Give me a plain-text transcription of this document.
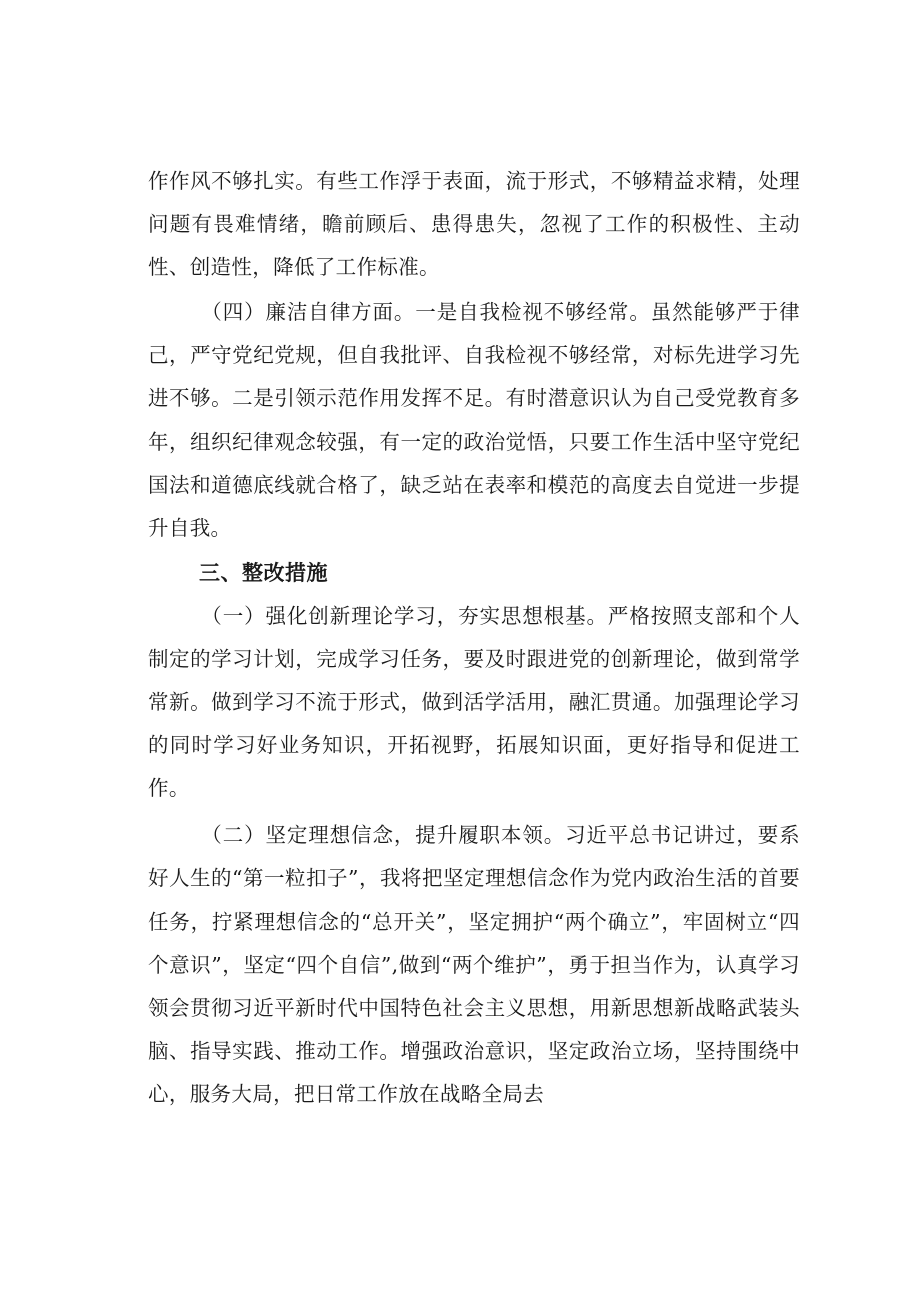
作作风不够扎实。有些工作浮于表面，流于形式，不够精益求精，处理问题有畏难情绪，瞻前顾后、患得患失，忽视了工作的积极性、主动性、创造性，降低了工作标准。

（四）廉洁自律方面。一是自我检视不够经常。虽然能够严于律己，严守党纪党规，但自我批评、自我检视不够经常，对标先进学习先进不够。二是引领示范作用发挥不足。有时潜意识认为自己受党教育多年，组织纪律观念较强，有一定的政治觉悟，只要工作生活中坚守党纪国法和道德底线就合格了，缺乏站在表率和模范的高度去自觉进一步提升自我。

三、整改措施

（一）强化创新理论学习，夯实思想根基。严格按照支部和个人制定的学习计划，完成学习任务，要及时跟进党的创新理论，做到常学常新。做到学习不流于形式，做到活学活用，融汇贯通。加强理论学习的同时学习好业务知识，开拓视野，拓展知识面，更好指导和促进工作。

（二）坚定理想信念，提升履职本领。习近平总书记讲过，要系好人生的“第一粒扣子”，我将把坚定理想信念作为党内政治生活的首要任务，拧紧理想信念的“总开关”，坚定拥护“两个确立”，牢固树立“四个意识”，坚定“四个自信”,做到“两个维护”，勇于担当作为，认真学习领会贯彻习近平新时代中国特色社会主义思想，用新思想新战略武装头脑、指导实践、推动工作。增强政治意识，坚定政治立场，坚持围绕中心，服务大局，把日常工作放在战略全局去
